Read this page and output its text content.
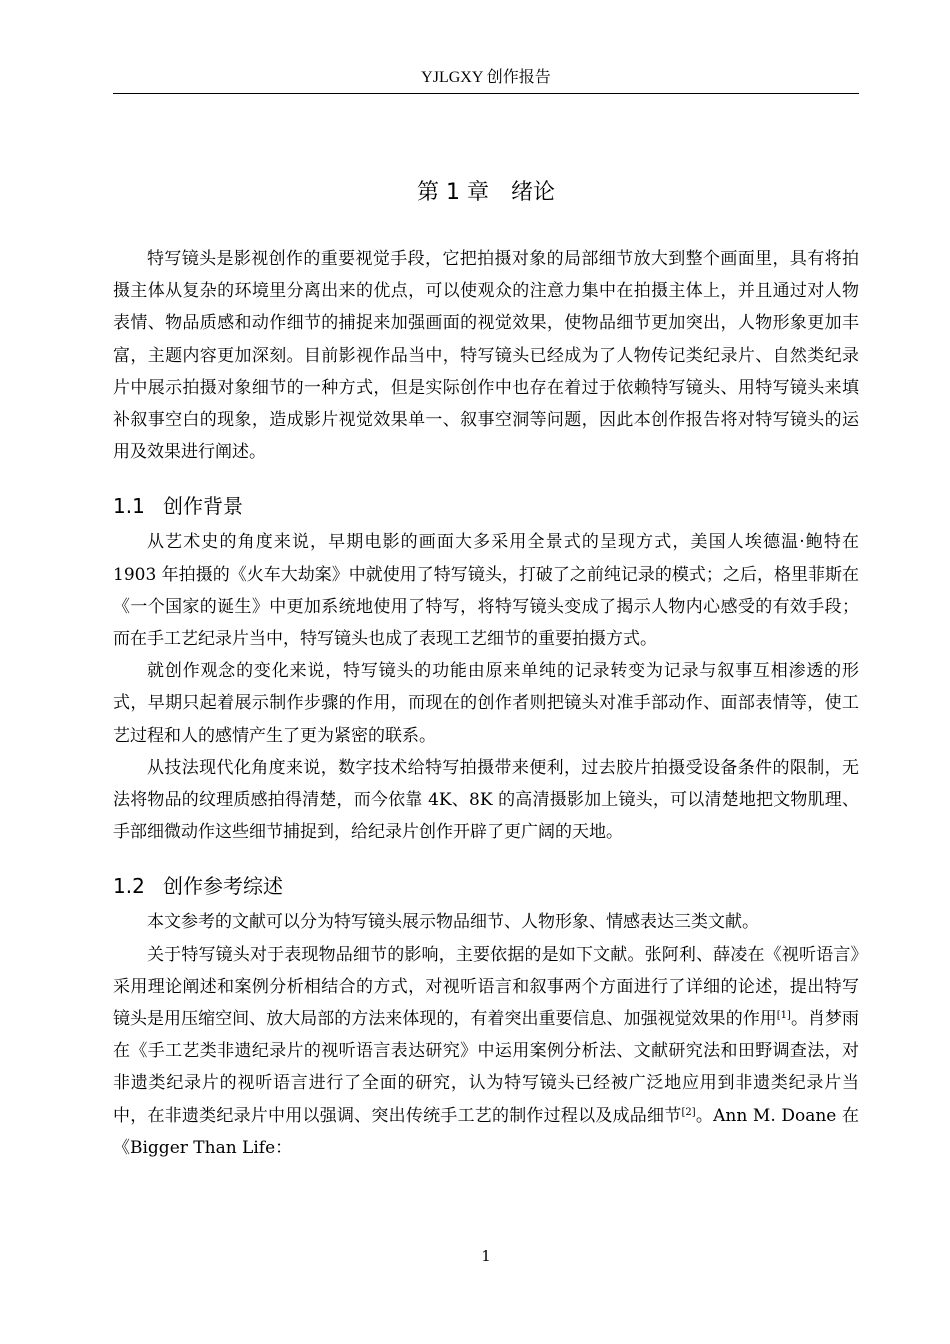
YJLGXY 创作报告
第 1 章　绪论

特写镜头是影视创作的重要视觉手段，它把拍摄对象的局部细节放大到整个画面里，具有将拍摄主体从复杂的环境里分离出来的优点，可以使观众的注意力集中在拍摄主体上，并且通过对人物表情、物品质感和动作细节的捕捉来加强画面的视觉效果，使物品细节更加突出，人物形象更加丰富，主题内容更加深刻。目前影视作品当中，特写镜头已经成为了人物传记类纪录片、自然类纪录片中展示拍摄对象细节的一种方式，但是实际创作中也存在着过于依赖特写镜头、用特写镜头来填补叙事空白的现象，造成影片视觉效果单一、叙事空洞等问题，因此本创作报告将对特写镜头的运用及效果进行阐述。

1.1 创作背景

从艺术史的角度来说，早期电影的画面大多采用全景式的呈现方式，美国人埃德温·鲍特在 1903 年拍摄的《火车大劫案》中就使用了特写镜头，打破了之前纯记录的模式；之后，格里菲斯在《一个国家的诞生》中更加系统地使用了特写，将特写镜头变成了揭示人物内心感受的有效手段；而在手工艺纪录片当中，特写镜头也成了表现工艺细节的重要拍摄方式。

就创作观念的变化来说，特写镜头的功能由原来单纯的记录转变为记录与叙事互相渗透的形式，早期只起着展示制作步骤的作用，而现在的创作者则把镜头对准手部动作、面部表情等，使工艺过程和人的感情产生了更为紧密的联系。

从技法现代化角度来说，数字技术给特写拍摄带来便利，过去胶片拍摄受设备条件的限制，无法将物品的纹理质感拍得清楚，而今依靠 4K、8K 的高清摄影加上镜头，可以清楚地把文物肌理、手部细微动作这些细节捕捉到，给纪录片创作开辟了更广阔的天地。

1.2 创作参考综述

本文参考的文献可以分为特写镜头展示物品细节、人物形象、情感表达三类文献。

关于特写镜头对于表现物品细节的影响，主要依据的是如下文献。张阿利、薛凌在《视听语言》采用理论阐述和案例分析相结合的方式，对视听语言和叙事两个方面进行了详细的论述，提出特写镜头是用压缩空间、放大局部的方法来体现的，有着突出重要信息、加强视觉效果的作用[1]。肖梦雨在《手工艺类非遗纪录片的视听语言表达研究》中运用案例分析法、文献研究法和田野调查法，对非遗类纪录片的视听语言进行了全面的研究，认为特写镜头已经被广泛地应用到非遗类纪录片当中，在非遗类纪录片中用以强调、突出传统手工艺的制作过程以及成品细节[2]。Ann M. Doane 在《Bigger Than Life：

1
